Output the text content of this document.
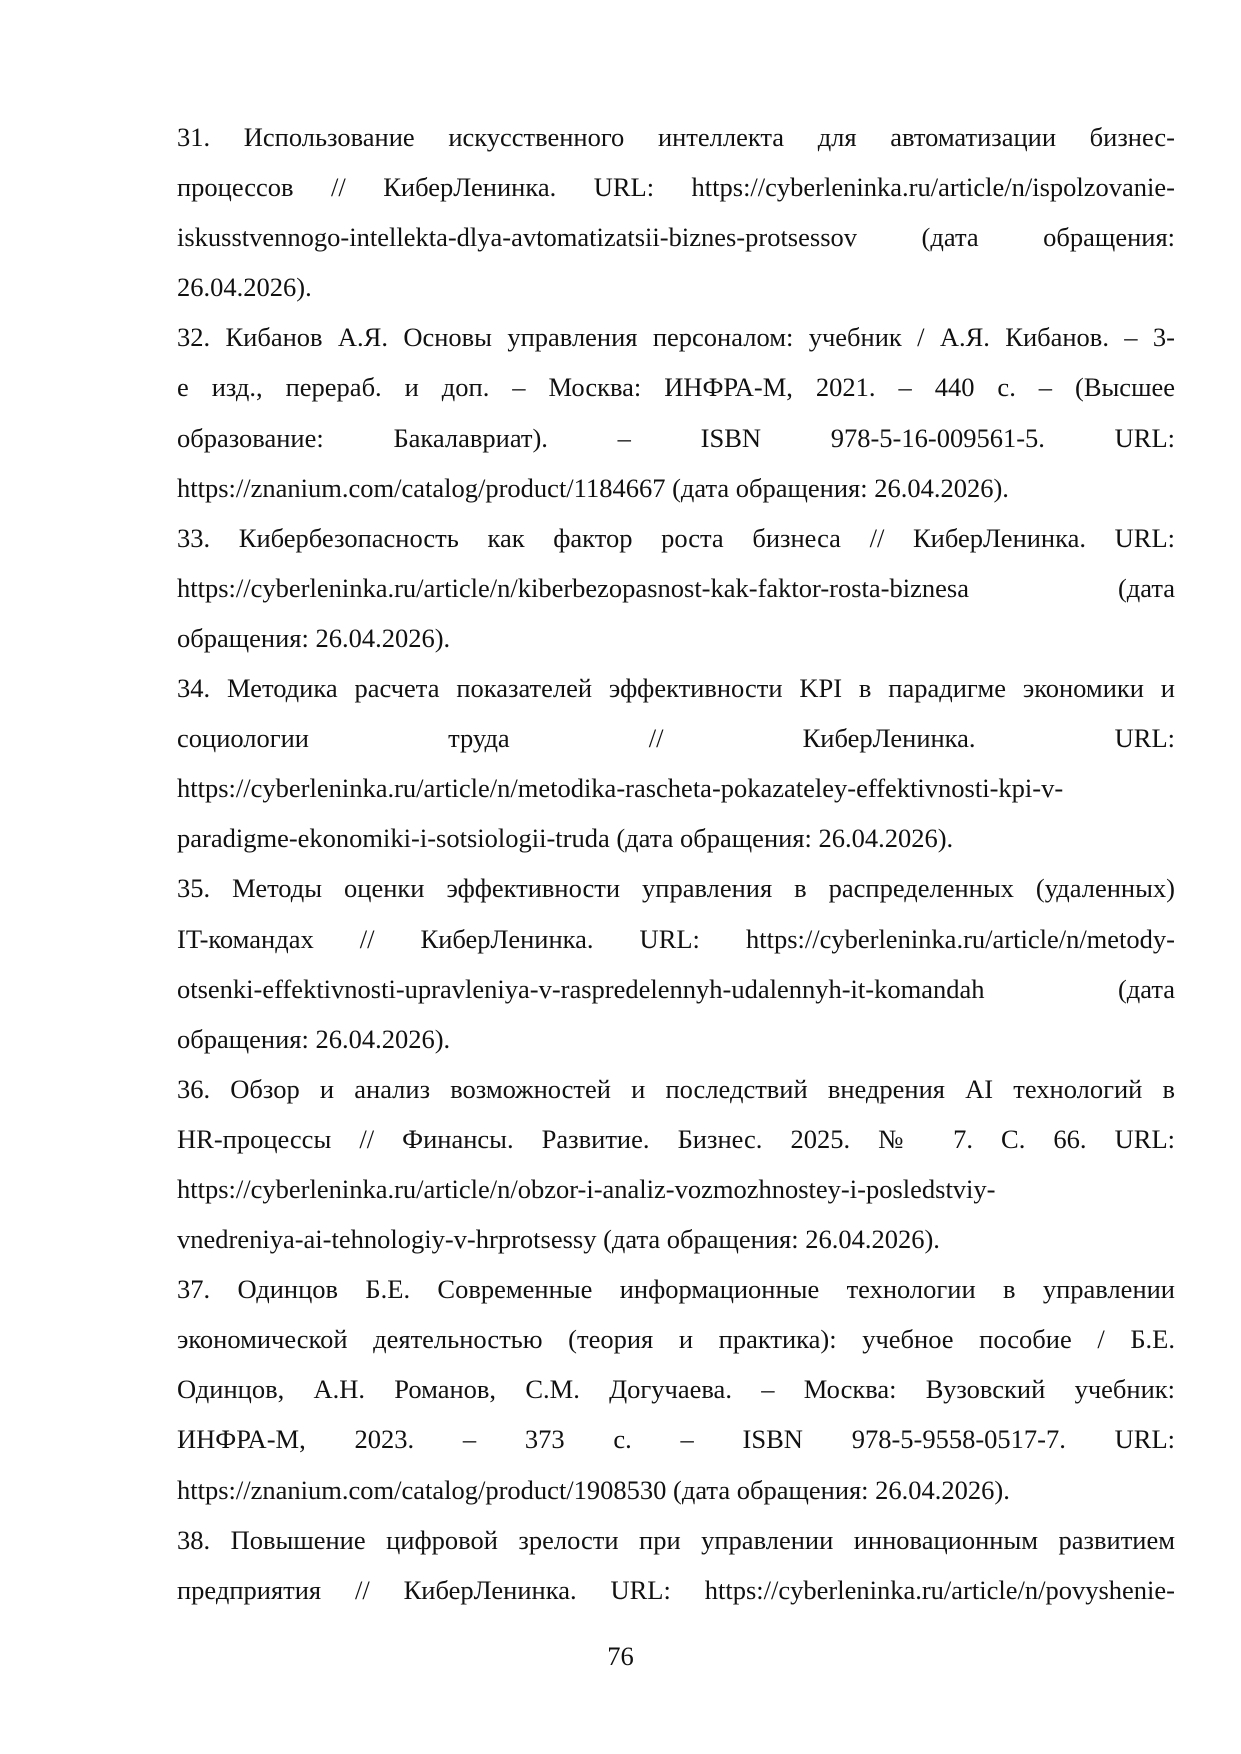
31. Использование искусственного интеллекта для автоматизации бизнес-
процессов // КиберЛенинка. URL: https://cyberleninka.ru/article/n/ispolzovanie-
iskusstvennogo-intellekta-dlya-avtomatizatsii-biznes-protsessov (дата обращения:
26.04.2026).

32. Кибанов А.Я. Основы управления персоналом: учебник / А.Я. Кибанов. – 3-
е изд., перераб. и доп. – Москва: ИНФРА-М, 2021. – 440 с. – (Высшее
образование: Бакалавриат). – ISBN 978-5-16-009561-5. URL:
https://znanium.com/catalog/product/1184667 (дата обращения: 26.04.2026).

33. Кибербезопасность как фактор роста бизнеса // КиберЛенинка. URL:
https://cyberleninka.ru/article/n/kiberbezopasnost-kak-faktor-rosta-biznesa (дата
обращения: 26.04.2026).

34. Методика расчета показателей эффективности KPI в парадигме экономики и
социологии труда // КиберЛенинка. URL:
https://cyberleninka.ru/article/n/metodika-rascheta-pokazateley-effektivnosti-kpi-v-
paradigme-ekonomiki-i-sotsiologii-truda (дата обращения: 26.04.2026).

35. Методы оценки эффективности управления в распределенных (удаленных)
IT-командах // КиберЛенинка. URL: https://cyberleninka.ru/article/n/metody-
otsenki-effektivnosti-upravleniya-v-raspredelennyh-udalennyh-it-komandah (дата
обращения: 26.04.2026).

36. Обзор и анализ возможностей и последствий внедрения AI технологий в
HR-процессы // Финансы. Развитие. Бизнес. 2025. № 7. С. 66. URL:
https://cyberleninka.ru/article/n/obzor-i-analiz-vozmozhnostey-i-posledstviy-
vnedreniya-ai-tehnologiy-v-hrprotsessy (дата обращения: 26.04.2026).

37. Одинцов Б.Е. Современные информационные технологии в управлении
экономической деятельностью (теория и практика): учебное пособие / Б.Е.
Одинцов, А.Н. Романов, С.М. Догучаева. – Москва: Вузовский учебник:
ИНФРА-М, 2023. – 373 с. – ISBN 978-5-9558-0517-7. URL:
https://znanium.com/catalog/product/1908530 (дата обращения: 26.04.2026).

38. Повышение цифровой зрелости при управлении инновационным развитием
предприятия // КиберЛенинка. URL: https://cyberleninka.ru/article/n/povyshenie-

76
